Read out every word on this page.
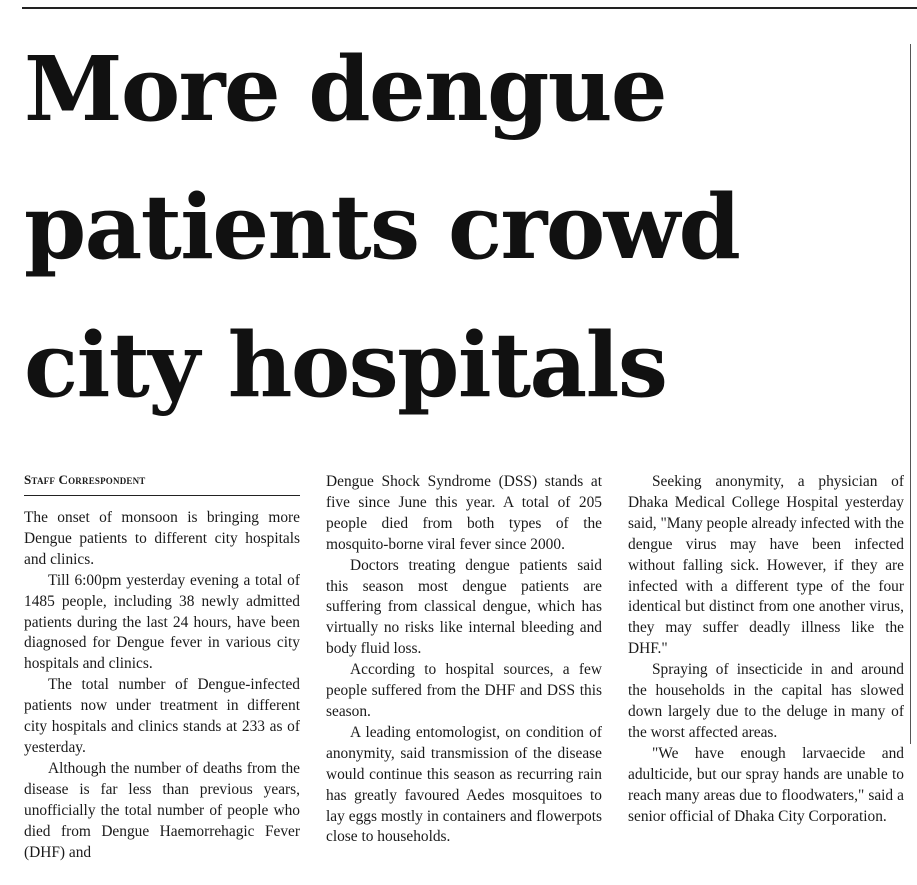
More dengue
patients crowd
city hospitals
Staff Correspondent

The onset of monsoon is bringing more Dengue patients to different city hospitals and clinics.

Till 6:00pm yesterday evening a total of 1485 people, including 38 newly admitted patients during the last 24 hours, have been diagnosed for Dengue fever in various city hospitals and clinics.

The total number of Dengue-infected patients now under treatment in different city hospitals and clinics stands at 233 as of yesterday.

Although the number of deaths from the disease is far less than previous years, unofficially the total number of people who died from Dengue Haemorrehagic Fever (DHF) and

Dengue Shock Syndrome (DSS) stands at five since June this year. A total of 205 people died from both types of the mosquito-borne viral fever since 2000.

Doctors treating dengue patients said this season most dengue patients are suffering from classical dengue, which has virtually no risks like internal bleeding and body fluid loss.

According to hospital sources, a few people suffered from the DHF and DSS this season.

A leading entomologist, on condition of anonymity, said transmission of the disease would continue this season as recurring rain has greatly favoured Aedes mosquitoes to lay eggs mostly in containers and flowerpots close to households.

Seeking anonymity, a physician of Dhaka Medical College Hospital yesterday said, "Many people already infected with the dengue virus may have been infected without falling sick. However, if they are infected with a different type of the four identical but distinct from one another virus, they may suffer deadly illness like the DHF."

Spraying of insecticide in and around the households in the capital has slowed down largely due to the deluge in many of the worst affected areas.

"We have enough larvaecide and adulticide, but our spray hands are unable to reach many areas due to floodwaters," said a senior official of Dhaka City Corporation.
